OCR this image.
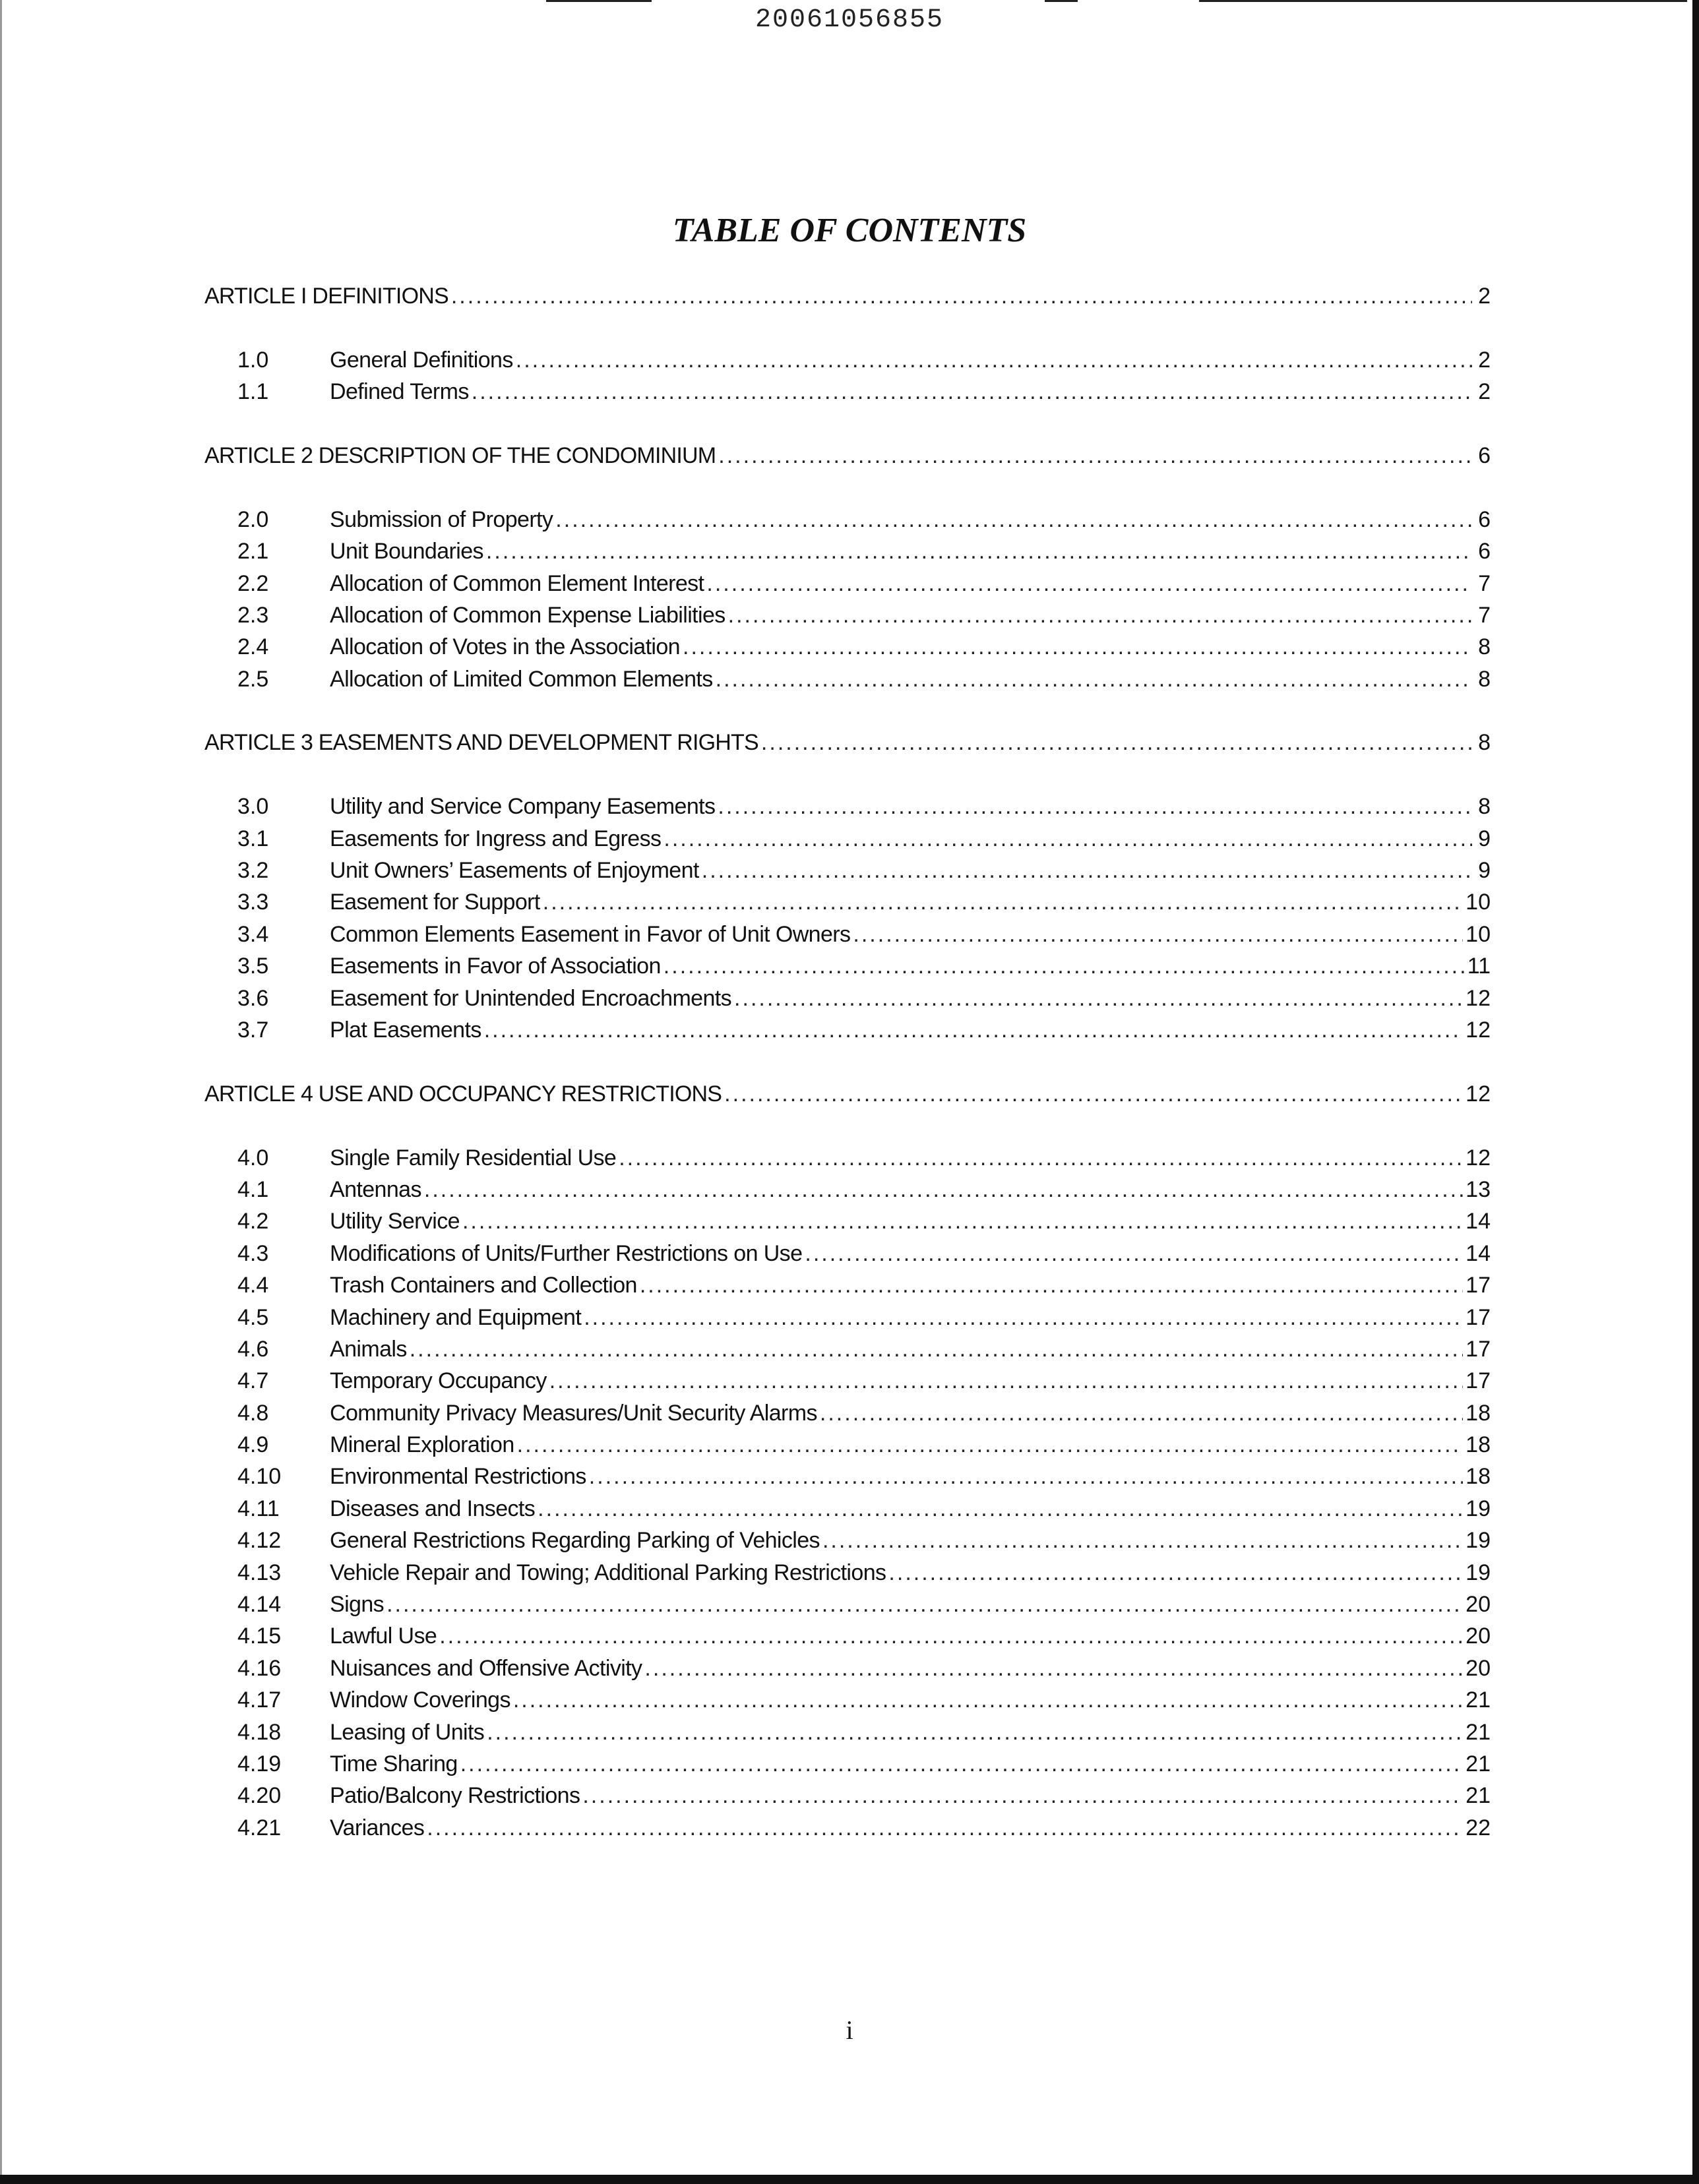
20061056855
TABLE OF CONTENTS
ARTICLE I DEFINITIONS .....	2
1.0	General Definitions .....	2
1.1	Defined Terms .....	2
ARTICLE 2 DESCRIPTION OF THE CONDOMINIUM .....	6
2.0	Submission of Property .....	6
2.1	Unit Boundaries .....	6
2.2	Allocation of Common Element Interest .....	7
2.3	Allocation of Common Expense Liabilities .....	7
2.4	Allocation of Votes in the Association .....	8
2.5	Allocation of Limited Common Elements .....	8
ARTICLE 3 EASEMENTS AND DEVELOPMENT RIGHTS .....	8
3.0	Utility and Service Company Easements .....	8
3.1	Easements for Ingress and Egress .....	9
3.2	Unit Owners’ Easements of Enjoyment .....	9
3.3	Easement for Support .....	10
3.4	Common Elements Easement in Favor of Unit Owners .....	10
3.5	Easements in Favor of Association .....	11
3.6	Easement for Unintended Encroachments .....	12
3.7	Plat Easements .....	12
ARTICLE 4 USE AND OCCUPANCY RESTRICTIONS .....	12
4.0	Single Family Residential Use .....	12
4.1	Antennas .....	13
4.2	Utility Service .....	14
4.3	Modifications of Units/Further Restrictions on Use .....	14
4.4	Trash Containers and Collection .....	17
4.5	Machinery and Equipment .....	17
4.6	Animals .....	17
4.7	Temporary Occupancy .....	17
4.8	Community Privacy Measures/Unit Security Alarms .....	18
4.9	Mineral Exploration .....	18
4.10	Environmental Restrictions .....	18
4.11	Diseases and Insects .....	19
4.12	General Restrictions Regarding Parking of Vehicles .....	19
4.13	Vehicle Repair and Towing; Additional Parking Restrictions .....	19
4.14	Signs .....	20
4.15	Lawful Use .....	20
4.16	Nuisances and Offensive Activity .....	20
4.17	Window Coverings .....	21
4.18	Leasing of Units .....	21
4.19	Time Sharing .....	21
4.20	Patio/Balcony Restrictions .....	21
4.21	Variances .....	22
i
